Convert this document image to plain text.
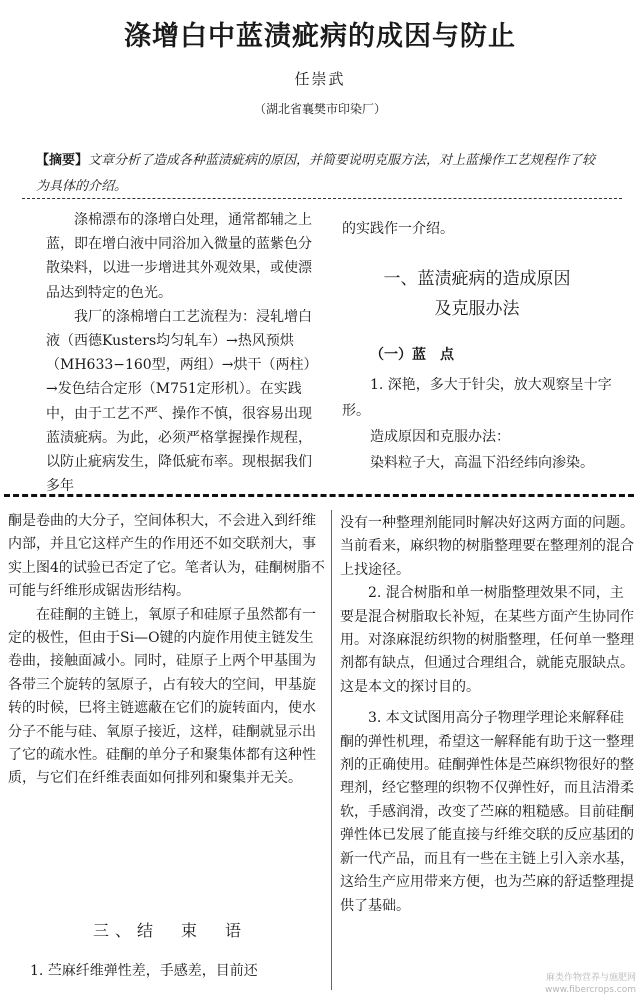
涤增白中蓝渍疵病的成因与防止

任崇武

（湖北省襄樊市印染厂）

【摘要】文章分析了造成各种蓝渍疵病的原因，并简要说明克服方法，对上蓝操作工艺规程作了较为具体的介绍。

涤棉漂布的涤增白处理，通常都辅之上蓝，即在增白液中同浴加入微量的蓝紫色分散染料，以进一步增进其外观效果，或使漂品达到特定的色光。

我厂的涤棉增白工艺流程为：浸轧增白液（西德Kusters均匀轧车）→热风预烘（MH633−160型，两组）→烘干（两柱）→发色结合定形（M751定形机）。在实践中，由于工艺不严、操作不慎，很容易出现蓝渍疵病。为此，必须严格掌握操作规程，以防止疵病发生，降低疵布率。现根据我们多年

的实践作一介绍。

一、蓝渍疵病的造成原因

及克服办法

（一）蓝　点

1. 深艳，多大于针尖，放大观察呈十字形。

造成原因和克服办法：

染料粒子大，高温下沿经纬向渗染。

酮是卷曲的大分子，空间体积大，不会进入到纤维内部，并且它这样产生的作用还不如交联剂大，事实上图4的试验已否定了它。笔者认为，硅酮树脂不可能与纤维形成锯齿形结构。

在硅酮的主链上，氧原子和硅原子虽然都有一定的极性，但由于Si—O键的内旋作用使主链发生卷曲，接触面减小。同时，硅原子上两个甲基围为各带三个旋转的氢原子，占有较大的空间，甲基旋转的时候，巳将主链遮蔽在它们的旋转面内，使水分子不能与硅、氧原子接近，这样，硅酮就显示出了它的疏水性。硅酮的单分子和聚集体都有这种性质，与它们在纤维表面如何排列和聚集并无关。

三、结　束　语

1. 苎麻纤维弹性差，手感差，目前还

没有一种整理剂能同时解决好这两方面的问题。当前看来，麻织物的树脂整理要在整理剂的混合上找途径。

2. 混合树脂和单一树脂整理效果不同，主要是混合树脂取长补短，在某些方面产生协同作用。对涤麻混纺织物的树脂整理，任何单一整理剂都有缺点，但通过合理组合，就能克服缺点。这是本文的探讨目的。

3. 本文试图用高分子物理学理论来解释硅酮的弹性机理，希望这一解释能有助于这一整理剂的正确使用。硅酮弹性体是苎麻织物很好的整理剂，经它整理的织物不仅弹性好，而且洁滑柔软，手感润滑，改变了苎麻的粗糙感。目前硅酮弹性体已发展了能直接与纤维交联的反应基团的新一代产品，而且有一些在主链上引入亲水基，这给生产应用带来方便，也为苎麻的舒适整理提供了基础。

麻类作物营养与施肥网
www.fibercrops.com
